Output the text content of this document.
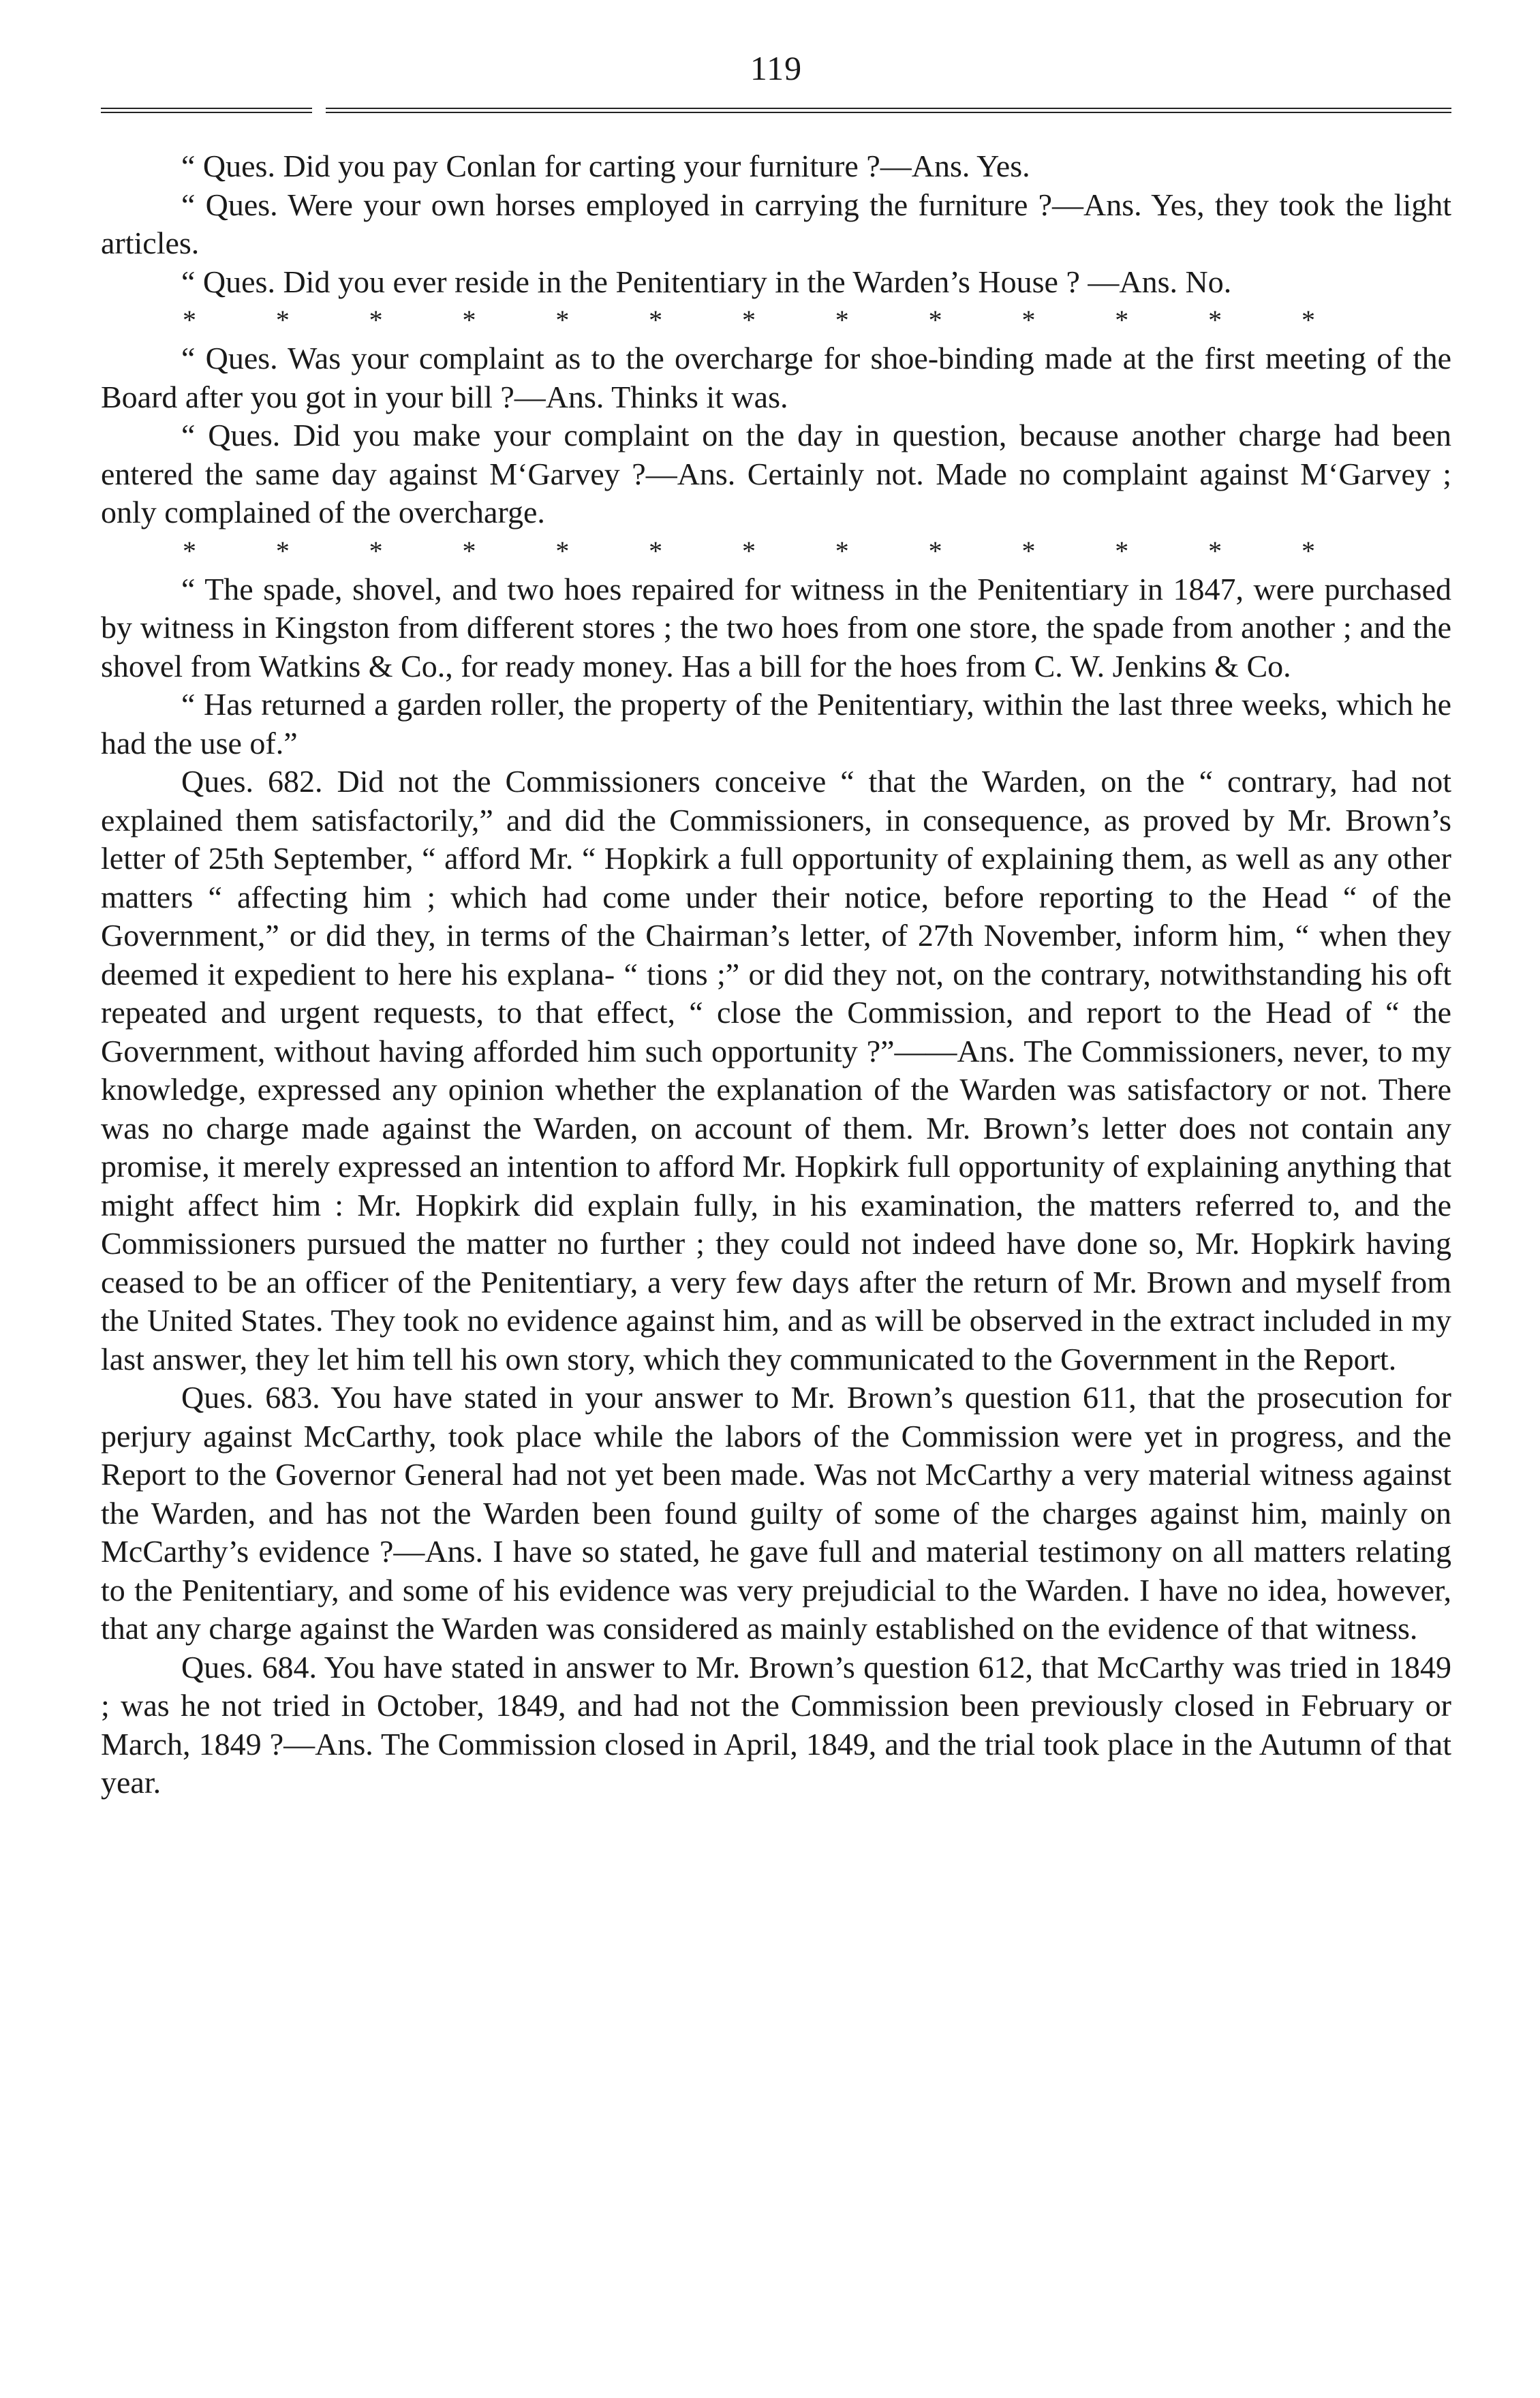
119

“ Ques. Did you pay Conlan for carting your furniture ?—Ans. Yes.

“ Ques. Were your own horses employed in carrying the furniture ?—Ans. Yes, they took the light articles.

“ Ques. Did you ever reside in the Penitentiary in the Warden’s House ? —Ans. No.

*	*	*	*	*	*	*	*	*	*	*	*	*

“ Ques. Was your complaint as to the overcharge for shoe-binding made at the first meeting of the Board after you got in your bill ?—Ans. Thinks it was.

“ Ques. Did you make your complaint on the day in question, because another charge had been entered the same day against M‘Garvey ?—Ans. Certainly not. Made no complaint against M‘Garvey ; only complained of the overcharge.

*	*	*	*	*	*	*	*	*	*	*	*	*

“ The spade, shovel, and two hoes repaired for witness in the Penitentiary in 1847, were purchased by witness in Kingston from different stores ; the two hoes from one store, the spade from another ; and the shovel from Watkins & Co., for ready money. Has a bill for the hoes from C. W. Jenkins & Co.

“ Has returned a garden roller, the property of the Penitentiary, within the last three weeks, which he had the use of.”

Ques. 682. Did not the Commissioners conceive “ that the Warden, on the “ contrary, had not explained them satisfactorily,” and did the Commissioners, in consequence, as proved by Mr. Brown’s letter of 25th September, “ afford Mr. “ Hopkirk a full opportunity of explaining them, as well as any other matters “ affecting him ; which had come under their notice, before reporting to the Head “ of the Government,” or did they, in terms of the Chairman’s letter, of 27th November, inform him, “ when they deemed it expedient to here his explana- “ tions ;” or did they not, on the contrary, notwithstanding his oft repeated and urgent requests, to that effect, “ close the Commission, and report to the Head of “ the Government, without having afforded him such opportunity ?”——Ans. The Commissioners, never, to my knowledge, expressed any opinion whether the explanation of the Warden was satisfactory or not. There was no charge made against the Warden, on account of them. Mr. Brown’s letter does not contain any promise, it merely expressed an intention to afford Mr. Hopkirk full opportunity of explaining anything that might affect him : Mr. Hopkirk did explain fully, in his examination, the matters referred to, and the Commissioners pursued the matter no further ; they could not indeed have done so, Mr. Hopkirk having ceased to be an officer of the Penitentiary, a very few days after the return of Mr. Brown and myself from the United States. They took no evidence against him, and as will be observed in the extract included in my last answer, they let him tell his own story, which they communicated to the Government in the Report.

Ques. 683. You have stated in your answer to Mr. Brown’s question 611, that the prosecution for perjury against McCarthy, took place while the labors of the Commission were yet in progress, and the Report to the Governor General had not yet been made. Was not McCarthy a very material witness against the Warden, and has not the Warden been found guilty of some of the charges against him, mainly on McCarthy’s evidence ?—Ans. I have so stated, he gave full and material testimony on all matters relating to the Penitentiary, and some of his evidence was very prejudicial to the Warden. I have no idea, however, that any charge against the Warden was considered as mainly established on the evidence of that witness.

Ques. 684. You have stated in answer to Mr. Brown’s question 612, that McCarthy was tried in 1849 ; was he not tried in October, 1849, and had not the Commission been previously closed in February or March, 1849 ?—Ans. The Commission closed in April, 1849, and the trial took place in the Autumn of that year.
